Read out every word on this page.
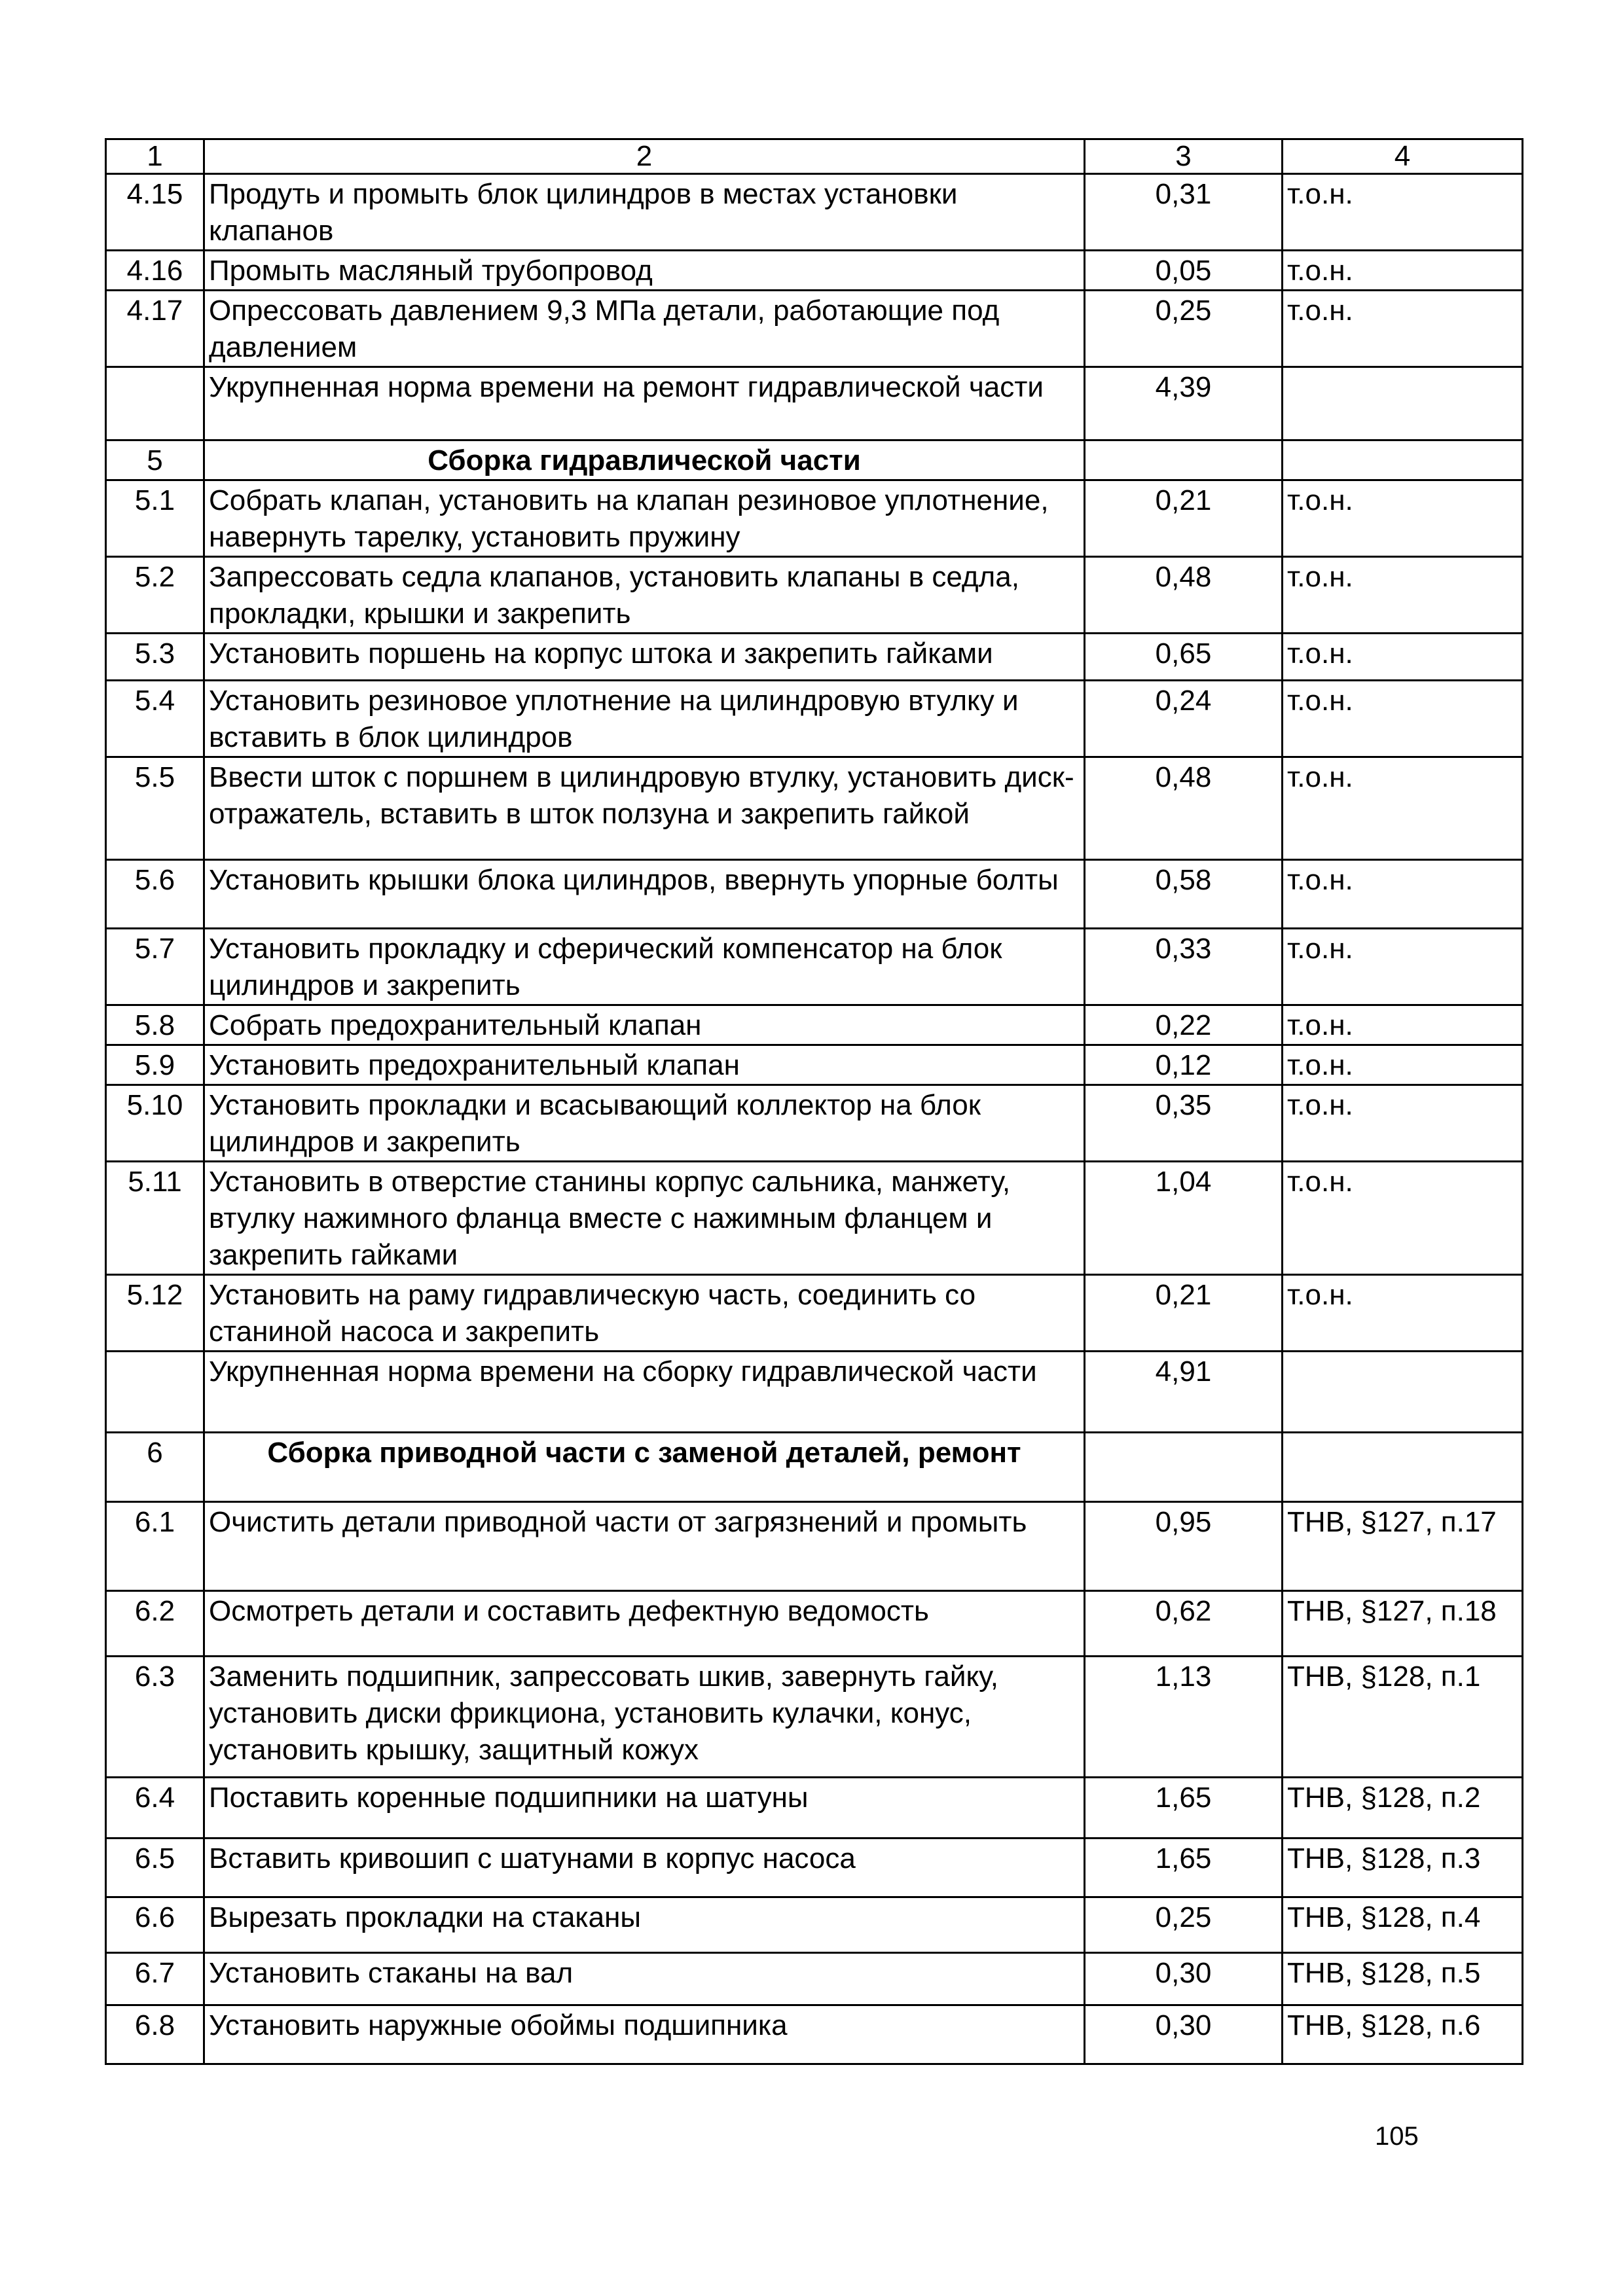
1	2	3	4
4.15	Продуть и промыть блок цилиндров в местах установки клапанов	0,31	т.о.н.
4.16	Промыть масляный трубопровод	0,05	т.о.н.
4.17	Опрессовать давлением 9,3 МПа детали, работающие под давлением	0,25	т.о.н.
	Укрупненная норма времени на ремонт гидравлической части	4,39	
5	Сборка гидравлической части		
5.1	Собрать клапан, установить на клапан резиновое уплотнение, навернуть тарелку, установить пружину	0,21	т.о.н.
5.2	Запрессовать седла клапанов, установить клапаны в седла, прокладки, крышки и закрепить	0,48	т.о.н.
5.3	Установить поршень на корпус штока и закрепить гайками	0,65	т.о.н.
5.4	Установить резиновое уплотнение на цилиндровую втулку и вставить в блок цилиндров	0,24	т.о.н.
5.5	Ввести шток с поршнем в цилиндровую втулку, установить диск-отражатель, вставить в шток ползуна и закрепить гайкой	0,48	т.о.н.
5.6	Установить крышки блока цилиндров, ввернуть упорные болты	0,58	т.о.н.
5.7	Установить прокладку и сферический компенсатор на блок цилиндров и закрепить	0,33	т.о.н.
5.8	Собрать предохранительный клапан	0,22	т.о.н.
5.9	Установить предохранительный клапан	0,12	т.о.н.
5.10	Установить прокладки и всасывающий коллектор на блок цилиндров и закрепить	0,35	т.о.н.
5.11	Установить в отверстие станины корпус сальника, манжету, втулку нажимного фланца вместе с нажимным фланцем и закрепить гайками	1,04	т.о.н.
5.12	Установить на раму гидравлическую часть, соединить со станиной насоса и закрепить	0,21	т.о.н.
	Укрупненная норма времени на сборку гидравлической части	4,91	
6	Сборка приводной части с заменой деталей, ремонт		
6.1	Очистить детали приводной части от загрязнений и промыть	0,95	ТНВ, §127, п.17
6.2	Осмотреть детали и составить дефектную ведомость	0,62	ТНВ, §127, п.18
6.3	Заменить подшипник, запрессовать шкив, завернуть гайку, установить диски фрикциона, установить кулачки, конус, установить крышку, защитный кожух	1,13	ТНВ, §128, п.1
6.4	Поставить коренные подшипники на шатуны	1,65	ТНВ, §128, п.2
6.5	Вставить кривошип с шатунами в корпус насоса	1,65	ТНВ, §128, п.3
6.6	Вырезать прокладки на стаканы	0,25	ТНВ, §128, п.4
6.7	Установить стаканы на вал	0,30	ТНВ, §128, п.5
6.8	Установить наружные обоймы подшипника	0,30	ТНВ, §128, п.6
105
